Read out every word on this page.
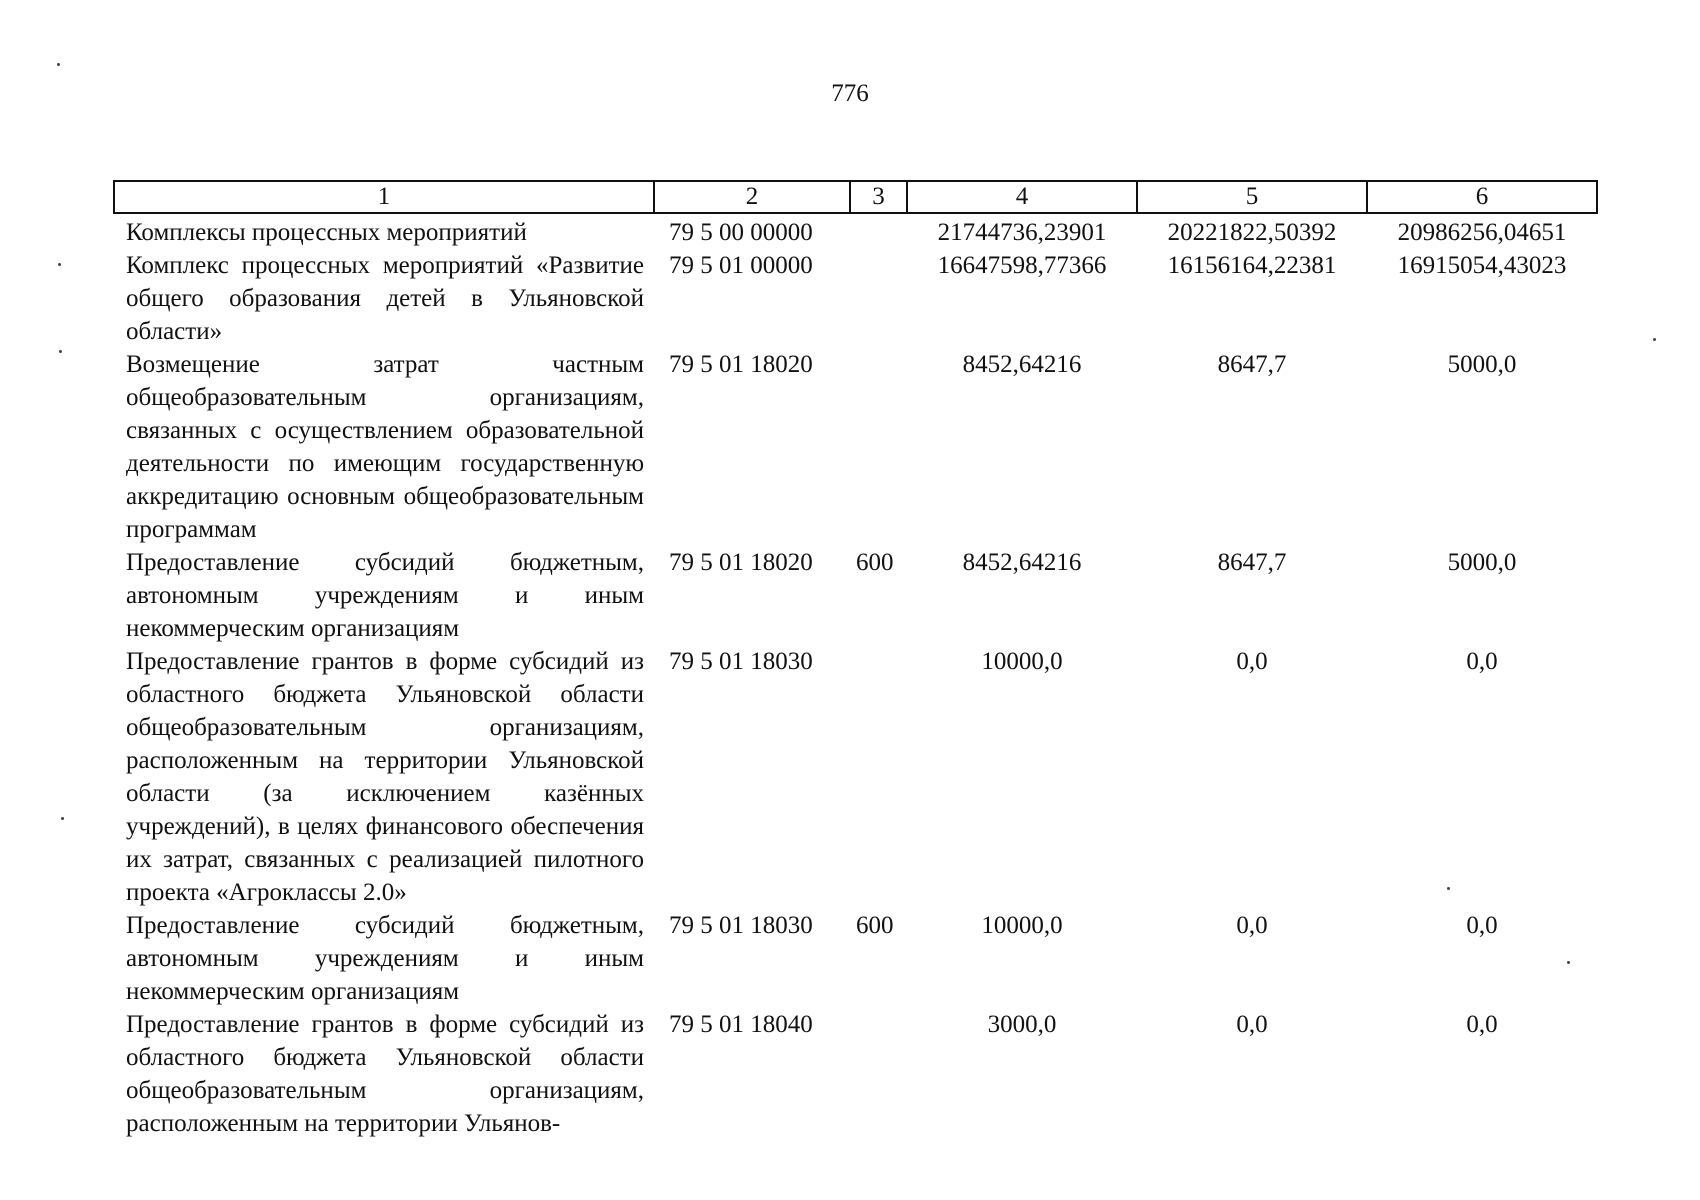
776
1	2	3	4	5	6

Комплексы процессных мероприятий	79 5 00 00000		21744736,23901	20221822,50392	20986256,04651
Комплекс процессных мероприятий «Развитие общего образования детей в Ульяновской области»	79 5 01 00000		16647598,77366	16156164,22381	16915054,43023
Возмещение затрат частным общеобразовательным организациям, связанных с осуществлением образовательной деятельности по имеющим государственную аккредитацию основным общеобразовательным программам	79 5 01 18020		8452,64216	8647,7	5000,0
Предоставление субсидий бюджетным, автономным учреждениям и иным некоммерческим организациям	79 5 01 18020	600	8452,64216	8647,7	5000,0
Предоставление грантов в форме субсидий из областного бюджета Ульяновской области общеобразовательным организациям, расположенным на территории Ульяновской области (за исключением казённых учреждений), в целях финансового обеспечения их затрат, связанных с реализацией пилотного проекта «Агроклассы 2.0»	79 5 01 18030		10000,0	0,0	0,0
Предоставление субсидий бюджетным, автономным учреждениям и иным некоммерческим организациям	79 5 01 18030	600	10000,0	0,0	0,0
Предоставление грантов в форме субсидий из областного бюджета Ульяновской области общеобразовательным организациям, расположенным на территории Ульянов-	79 5 01 18040		3000,0	0,0	0,0
